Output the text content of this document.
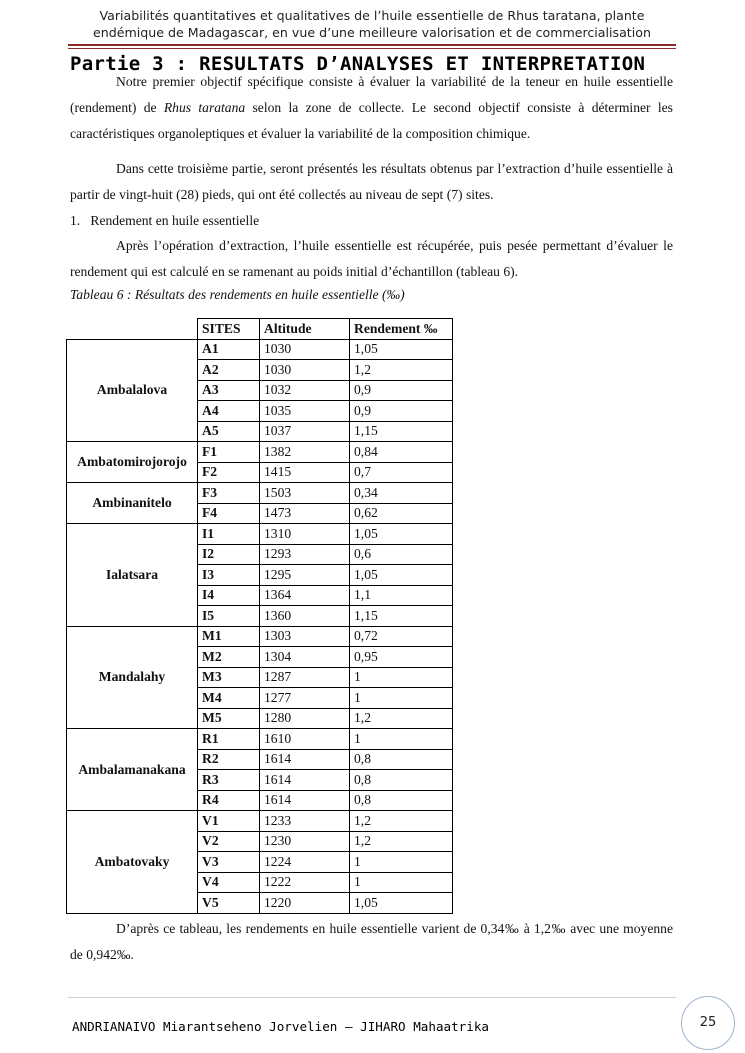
Variabilités quantitatives et qualitatives de l’huile essentielle de Rhus taratana, plante
endémique de Madagascar, en vue d’une meilleure valorisation et de commercialisation
Partie 3 : RESULTATS D’ANALYSES ET INTERPRETATION

Notre premier objectif spécifique consiste à évaluer la variabilité de la teneur en huile essentielle (rendement) de Rhus taratana selon la zone de collecte. Le second objectif consiste à déterminer les caractéristiques organoleptiques et évaluer la variabilité de la composition chimique.

Dans cette troisième partie, seront présentés les résultats obtenus par l’extraction d’huile essentielle à partir de vingt-huit (28) pieds, qui ont été collectés au niveau de sept (7) sites.

1. Rendement en huile essentielle

Après l’opération d’extraction, l’huile essentielle est récupérée, puis pesée permettant d’évaluer le rendement qui est calculé en se ramenant au poids initial d’échantillon (tableau 6).

Tableau 6 : Résultats des rendements en huile essentielle (‰)
	SITES	Altitude	Rendement ‰
Ambalalova	A1	1030	1,05
	A2	1030	1,2
	A3	1032	0,9
	A4	1035	0,9
	A5	1037	1,15
Ambatomirojorojo	F1	1382	0,84
	F2	1415	0,7
Ambinanitelo	F3	1503	0,34
	F4	1473	0,62
Ialatsara	I1	1310	1,05
	I2	1293	0,6
	I3	1295	1,05
	I4	1364	1,1
	I5	1360	1,15
Mandalahy	M1	1303	0,72
	M2	1304	0,95
	M3	1287	1
	M4	1277	1
	M5	1280	1,2
Ambalamanakana	R1	1610	1
	R2	1614	0,8
	R3	1614	0,8
	R4	1614	0,8
Ambatovaky	V1	1233	1,2
	V2	1230	1,2
	V3	1224	1
	V4	1222	1
	V5	1220	1,05

D’après ce tableau, les rendements en huile essentielle varient de 0,34‰ à 1,2‰ avec une moyenne de 0,942‰.

ANDRIANAIVO Miarantseheno Jorvelien – JIHARO Mahaatrika	25
